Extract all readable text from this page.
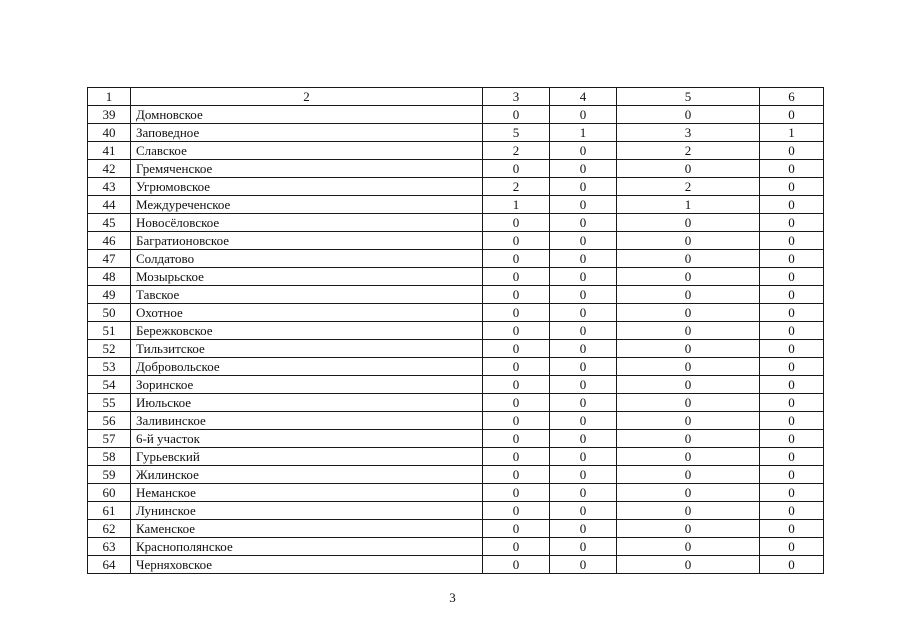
1	2	3	4	5	6
39	Домновское	0	0	0	0
40	Заповедное	5	1	3	1
41	Славское	2	0	2	0
42	Гремяченское	0	0	0	0
43	Угрюмовское	2	0	2	0
44	Междуреченское	1	0	1	0
45	Новосёловское	0	0	0	0
46	Багратионовское	0	0	0	0
47	Солдатово	0	0	0	0
48	Мозырьское	0	0	0	0
49	Тавское	0	0	0	0
50	Охотное	0	0	0	0
51	Бережковское	0	0	0	0
52	Тильзитское	0	0	0	0
53	Добровольское	0	0	0	0
54	Зоринское	0	0	0	0
55	Июльское	0	0	0	0
56	Заливинское	0	0	0	0
57	6-й участок	0	0	0	0
58	Гурьевский	0	0	0	0
59	Жилинское	0	0	0	0
60	Неманское	0	0	0	0
61	Лунинское	0	0	0	0
62	Каменское	0	0	0	0
63	Краснополянское	0	0	0	0
64	Черняховское	0	0	0	0
3
